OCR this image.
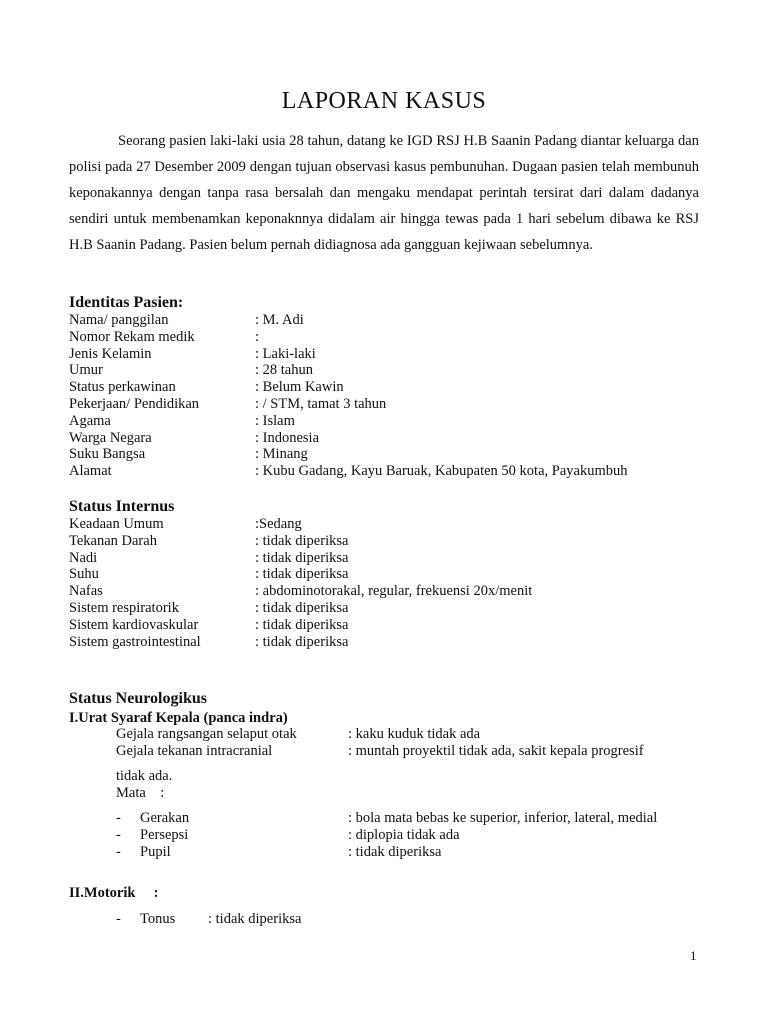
LAPORAN KASUS

Seorang pasien laki-laki usia 28 tahun, datang ke IGD RSJ H.B Saanin Padang diantar keluarga dan polisi pada 27 Desember 2009 dengan tujuan observasi kasus pembunuhan. Dugaan pasien telah membunuh keponakannya dengan tanpa rasa bersalah dan mengaku mendapat perintah tersirat dari dalam dadanya sendiri untuk membenamkan keponaknnya didalam air hingga tewas pada 1 hari sebelum dibawa ke RSJ H.B Saanin Padang. Pasien belum pernah didiagnosa ada gangguan kejiwaan sebelumnya.

Identitas Pasien:
Nama/ panggilan	: M. Adi
Nomor Rekam medik	:
Jenis Kelamin	: Laki-laki
Umur	: 28 tahun
Status perkawinan	: Belum Kawin
Pekerjaan/ Pendidikan	: / STM, tamat 3 tahun
Agama	: Islam
Warga Negara	: Indonesia
Suku Bangsa	: Minang
Alamat	: Kubu Gadang, Kayu Baruak, Kabupaten 50 kota, Payakumbuh
Status Internus
Keadaan Umum	:Sedang
Tekanan Darah	: tidak diperiksa
Nadi	: tidak diperiksa
Suhu	: tidak diperiksa
Nafas	: abdominotorakal, regular, frekuensi 20x/menit
Sistem respiratorik	: tidak diperiksa
Sistem kardiovaskular	: tidak diperiksa
Sistem gastrointestinal	: tidak diperiksa
Status Neurologikus
I.Urat Syaraf Kepala (panca indra)
Gejala rangsangan selaput otak	: kaku kuduk tidak ada
Gejala tekanan intracranial	: muntah proyektil tidak ada, sakit kepala progresif
tidak ada.
Mata    :
- Gerakan	: bola mata bebas ke superior, inferior, lateral, medial
- Persepsi	: diplopia tidak ada
- Pupil	: tidak diperiksa
II.Motorik     :
- Tonus : tidak diperiksa
1
